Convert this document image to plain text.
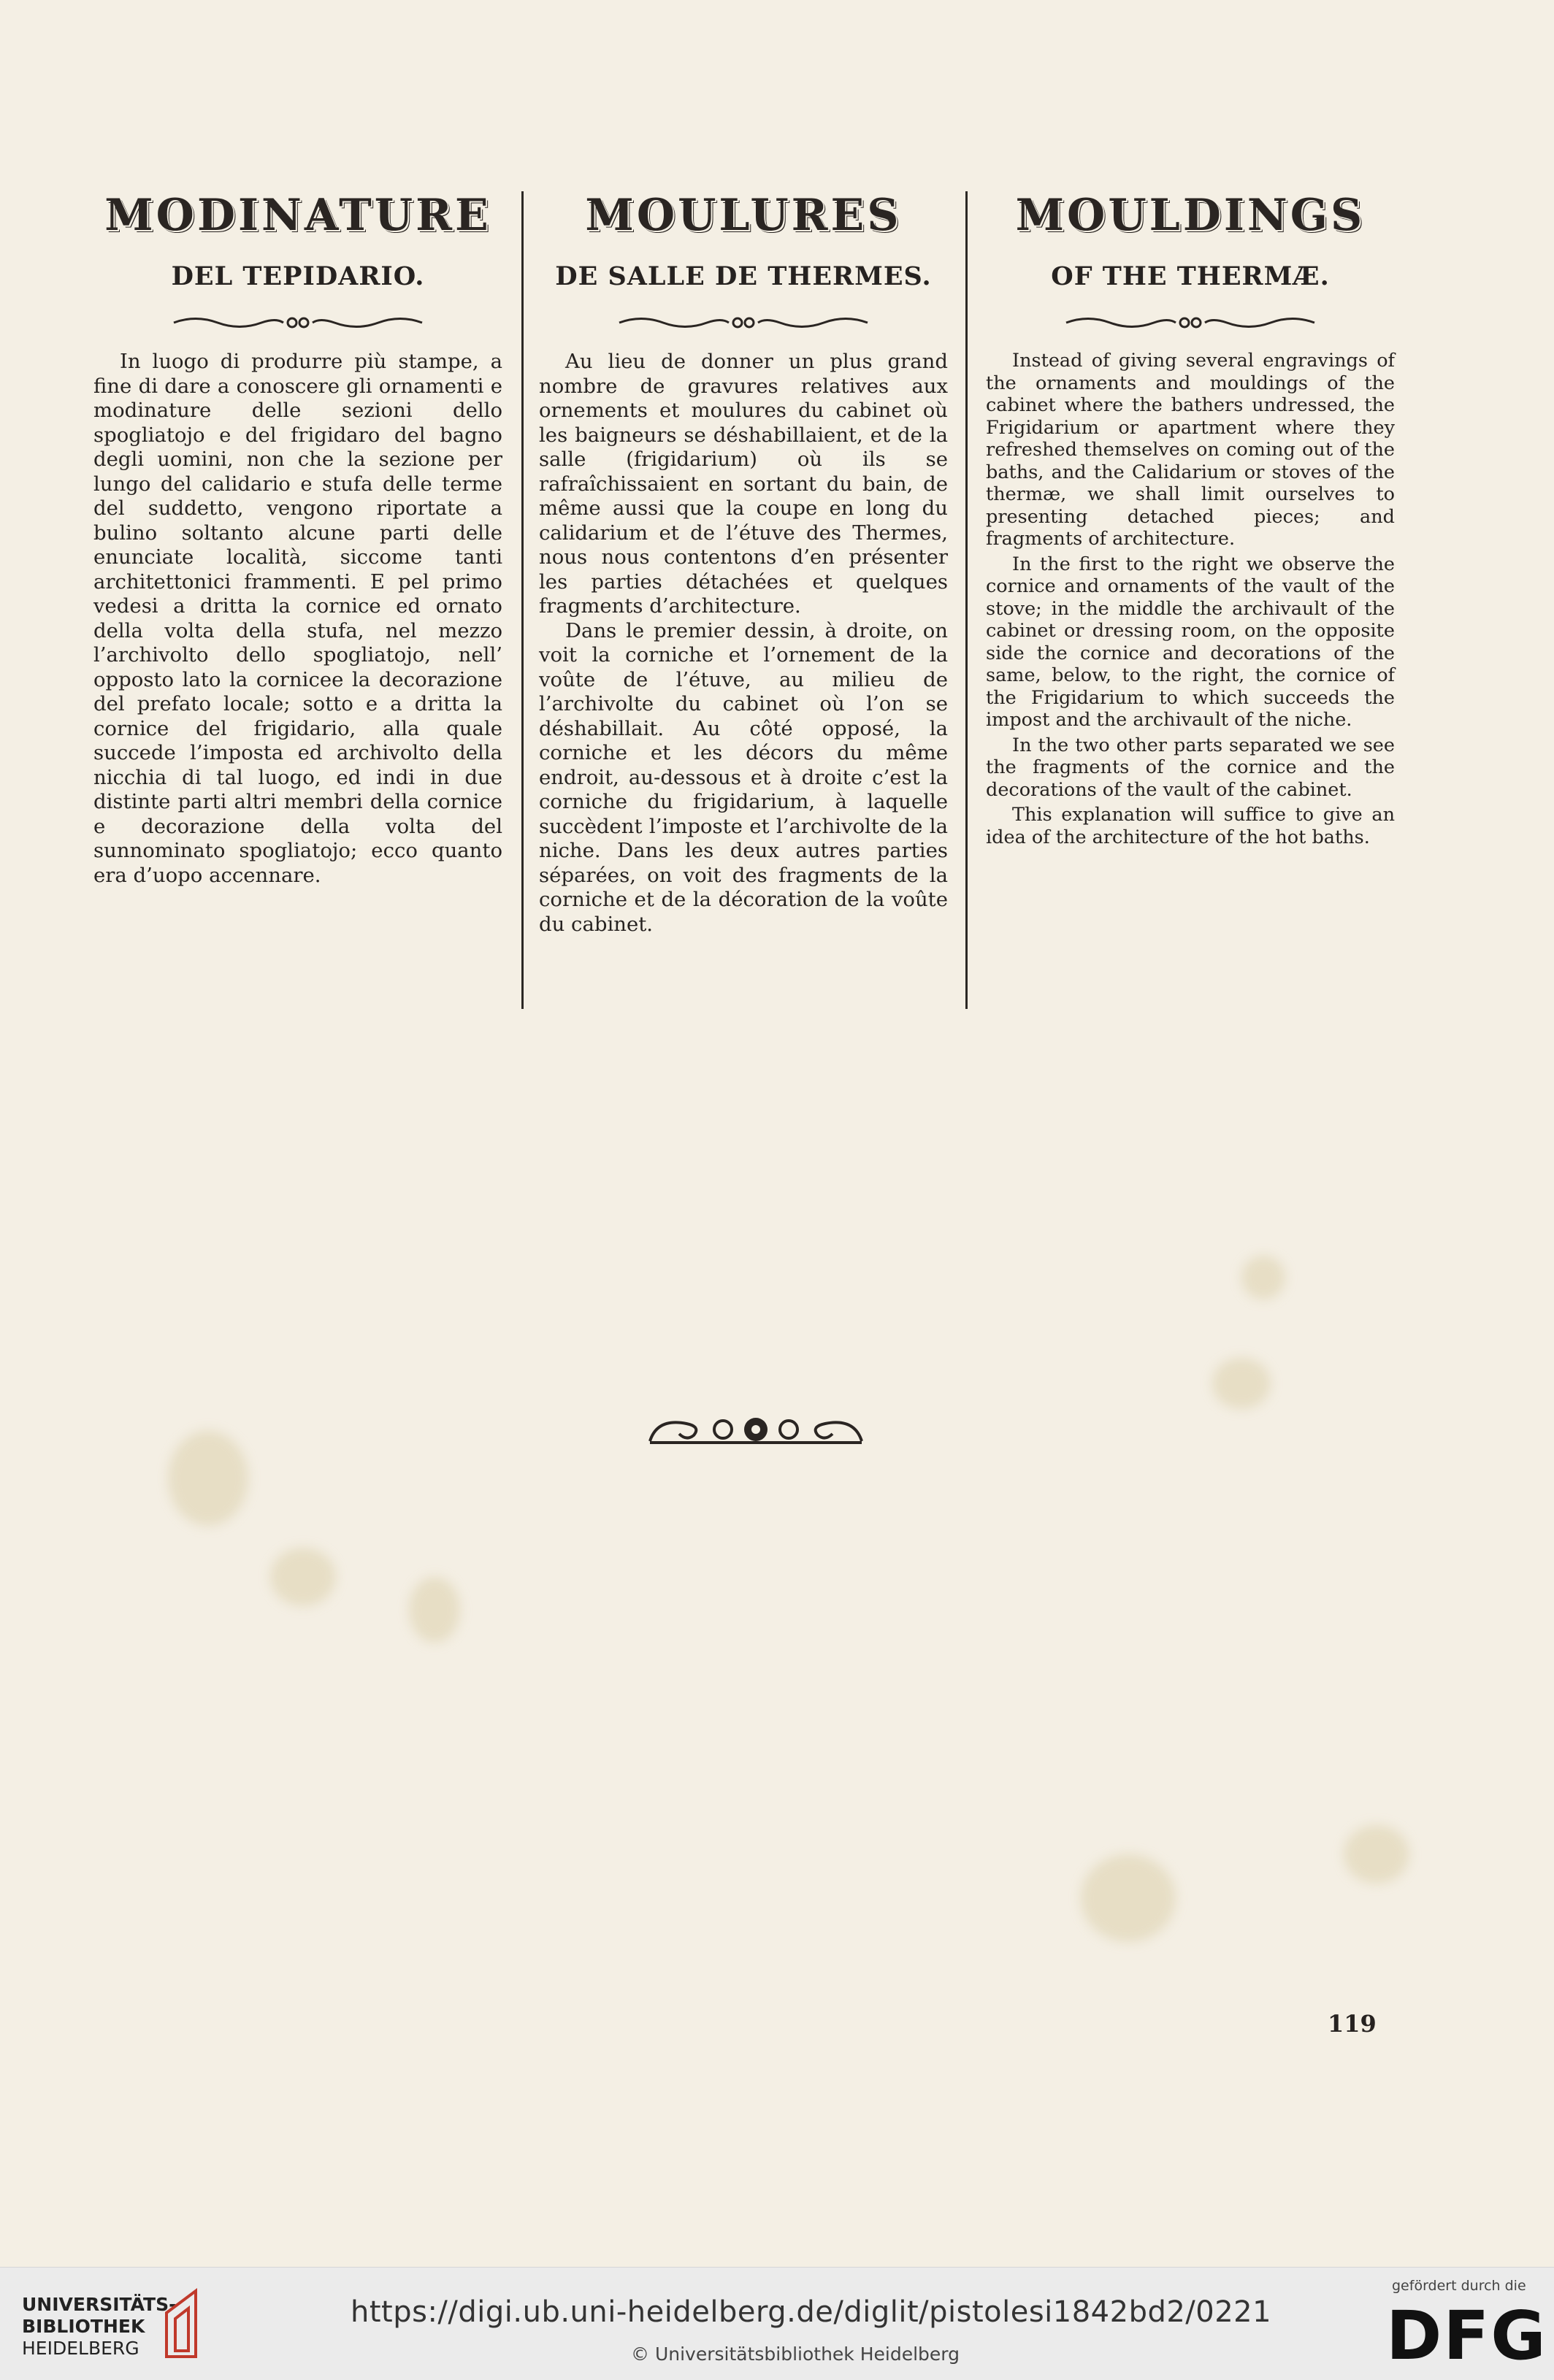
MODINATURE
DEL TEPIDARIO.

In luogo di produrre più stampe, a fine di dare a conoscere gli ornamenti e modinature delle sezioni dello spogliatojo e del frigidaro del bagno degli uomini, non che la sezione per lungo del calidario e stufa delle terme del suddetto, vengono riportate a bulino soltanto alcune parti delle enunciate località, siccome tanti architettonici frammenti. E pel primo vedesi a dritta la cornice ed ornato della volta della stufa, nel mezzo l’archivolto dello spogliatojo, nell’ opposto lato la cornicee la decorazione del prefato locale; sotto e a dritta la cornice del frigidario, alla quale succede l’imposta ed archivolto della nicchia di tal luogo, ed indi in due distinte parti altri membri della cornice e decorazione della volta del sunnominato spogliatojo; ecco quanto era d’uopo accennare.

MOULURES
DE SALLE DE THERMES.

Au lieu de donner un plus grand nombre de gravures relatives aux ornements et moulures du cabinet où les baigneurs se déshabillaient, et de la salle (frigidarium) où ils se rafraîchissaient en sortant du bain, de même aussi que la coupe en long du calidarium et de l’étuve des Thermes, nous nous contentons d’en présenter les parties détachées et quelques fragments d’architecture.

Dans le premier dessin, à droite, on voit la corniche et l’ornement de la voûte de l’étuve, au milieu de l’archivolte du cabinet où l’on se déshabillait. Au côté opposé, la corniche et les décors du même endroit, au-dessous et à droite c’est la corniche du frigidarium, à laquelle succèdent l’imposte et l’archivolte de la niche. Dans les deux autres parties séparées, on voit des fragments de la corniche et de la décoration de la voûte du cabinet.

MOULDINGS
OF THE THERMÆ.

Instead of giving several engravings of the ornaments and mouldings of the cabinet where the bathers undressed, the Frigidarium or apartment where they refreshed themselves on coming out of the baths, and the Calidarium or stoves of the thermæ, we shall limit ourselves to presenting detached pieces; and fragments of architecture.

In the first to the right we observe the cornice and ornaments of the vault of the stove; in the middle the archivault of the cabinet or dressing room, on the opposite side the cornice and decorations of the same, below, to the right, the cornice of the Frigidarium to which succeeds the impost and the archivault of the niche.

In the two other parts separated we see the fragments of the cornice and the decorations of the vault of the cabinet.

This explanation will suffice to give an idea of the architecture of the hot baths.

119
UNIVERSITÄTS-
BIBLIOTHEK
HEIDELBERG
https://digi.ub.uni-heidelberg.de/diglit/pistolesi1842bd2/0221
© Universitätsbibliothek Heidelberg
gefördert durch die
DFG
